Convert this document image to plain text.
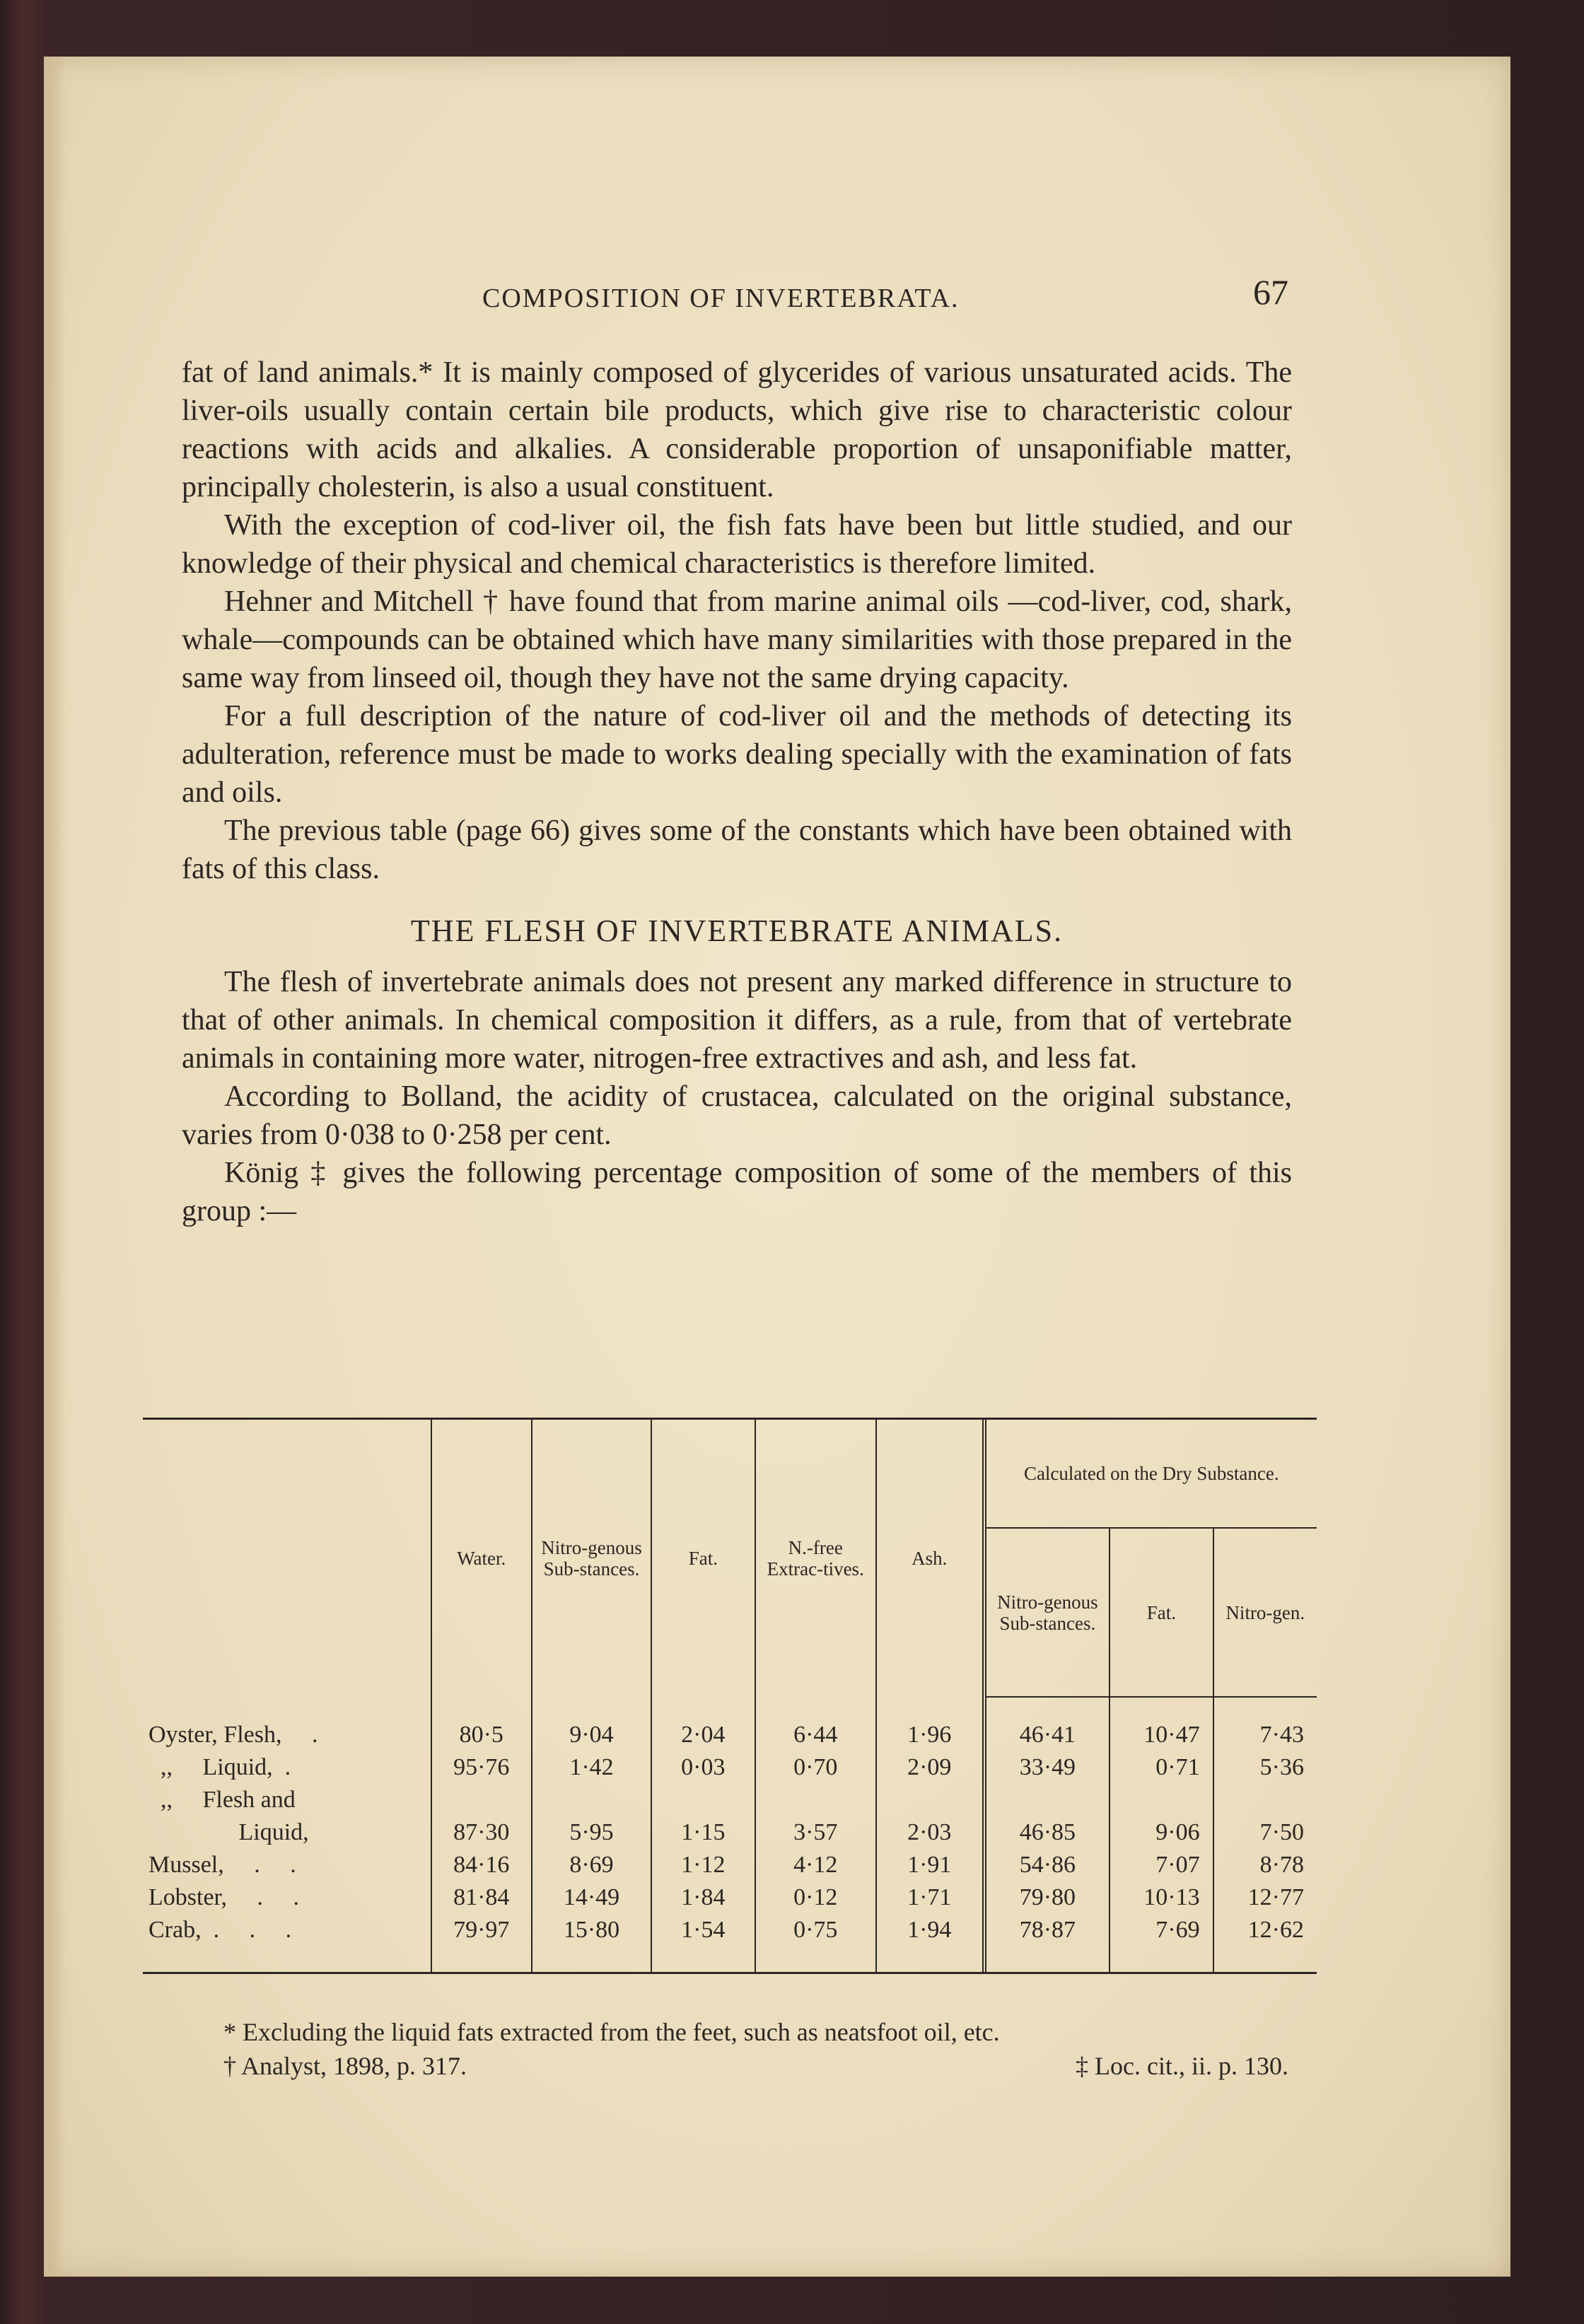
COMPOSITION OF INVERTEBRATA.	67

fat of land animals.* It is mainly composed of glycerides of various unsaturated acids. The liver-oils usually contain certain bile products, which give rise to characteristic colour reactions with acids and alkalies. A considerable proportion of unsaponifiable matter, principally cholesterin, is also a usual constituent.

With the exception of cod-liver oil, the fish fats have been but little studied, and our knowledge of their physical and chemical characteristics is therefore limited.

Hehner and Mitchell † have found that from marine animal oils —cod-liver, cod, shark, whale—compounds can be obtained which have many similarities with those prepared in the same way from linseed oil, though they have not the same drying capacity.

For a full description of the nature of cod-liver oil and the methods of detecting its adulteration, reference must be made to works dealing specially with the examination of fats and oils.

The previous table (page 66) gives some of the constants which have been obtained with fats of this class.

THE FLESH OF INVERTEBRATE ANIMALS.

The flesh of invertebrate animals does not present any marked difference in structure to that of other animals. In chemical composition it differs, as a rule, from that of vertebrate animals in containing more water, nitrogen-free extractives and ash, and less fat.

According to Bolland, the acidity of crustacea, calculated on the original substance, varies from 0·038 to 0·258 per cent.

König ‡ gives the following percentage composition of some of the members of this group :—

	Water.	Nitro-genous Sub-stances.	Fat.	N.-free Extrac-tives.	Ash.	Calculated on the Dry Substance.		
						Nitro-genous Sub-stances.	Fat.	Nitro-gen.
Oyster, Flesh,     .	80·5	9·04	2·04	6·44	1·96	46·41	10·47	7·43
,,     Liquid,  .	95·76	1·42	0·03	0·70	2·09	33·49	0·71	5·36
,,     Flesh and								
Liquid,	87·30	5·95	1·15	3·57	2·03	46·85	9·06	7·50
Mussel,     .     .	84·16	8·69	1·12	4·12	1·91	54·86	7·07	8·78
Lobster,     .     .	81·84	14·49	1·84	0·12	1·71	79·80	10·13	12·77
Crab,  .     .     .	79·97	15·80	1·54	0·75	1·94	78·87	7·69	12·62
* Excluding the liquid fats extracted from the feet, such as neatsfoot oil, etc.
† Analyst, 1898, p. 317.	‡ Loc. cit., ii. p. 130.
